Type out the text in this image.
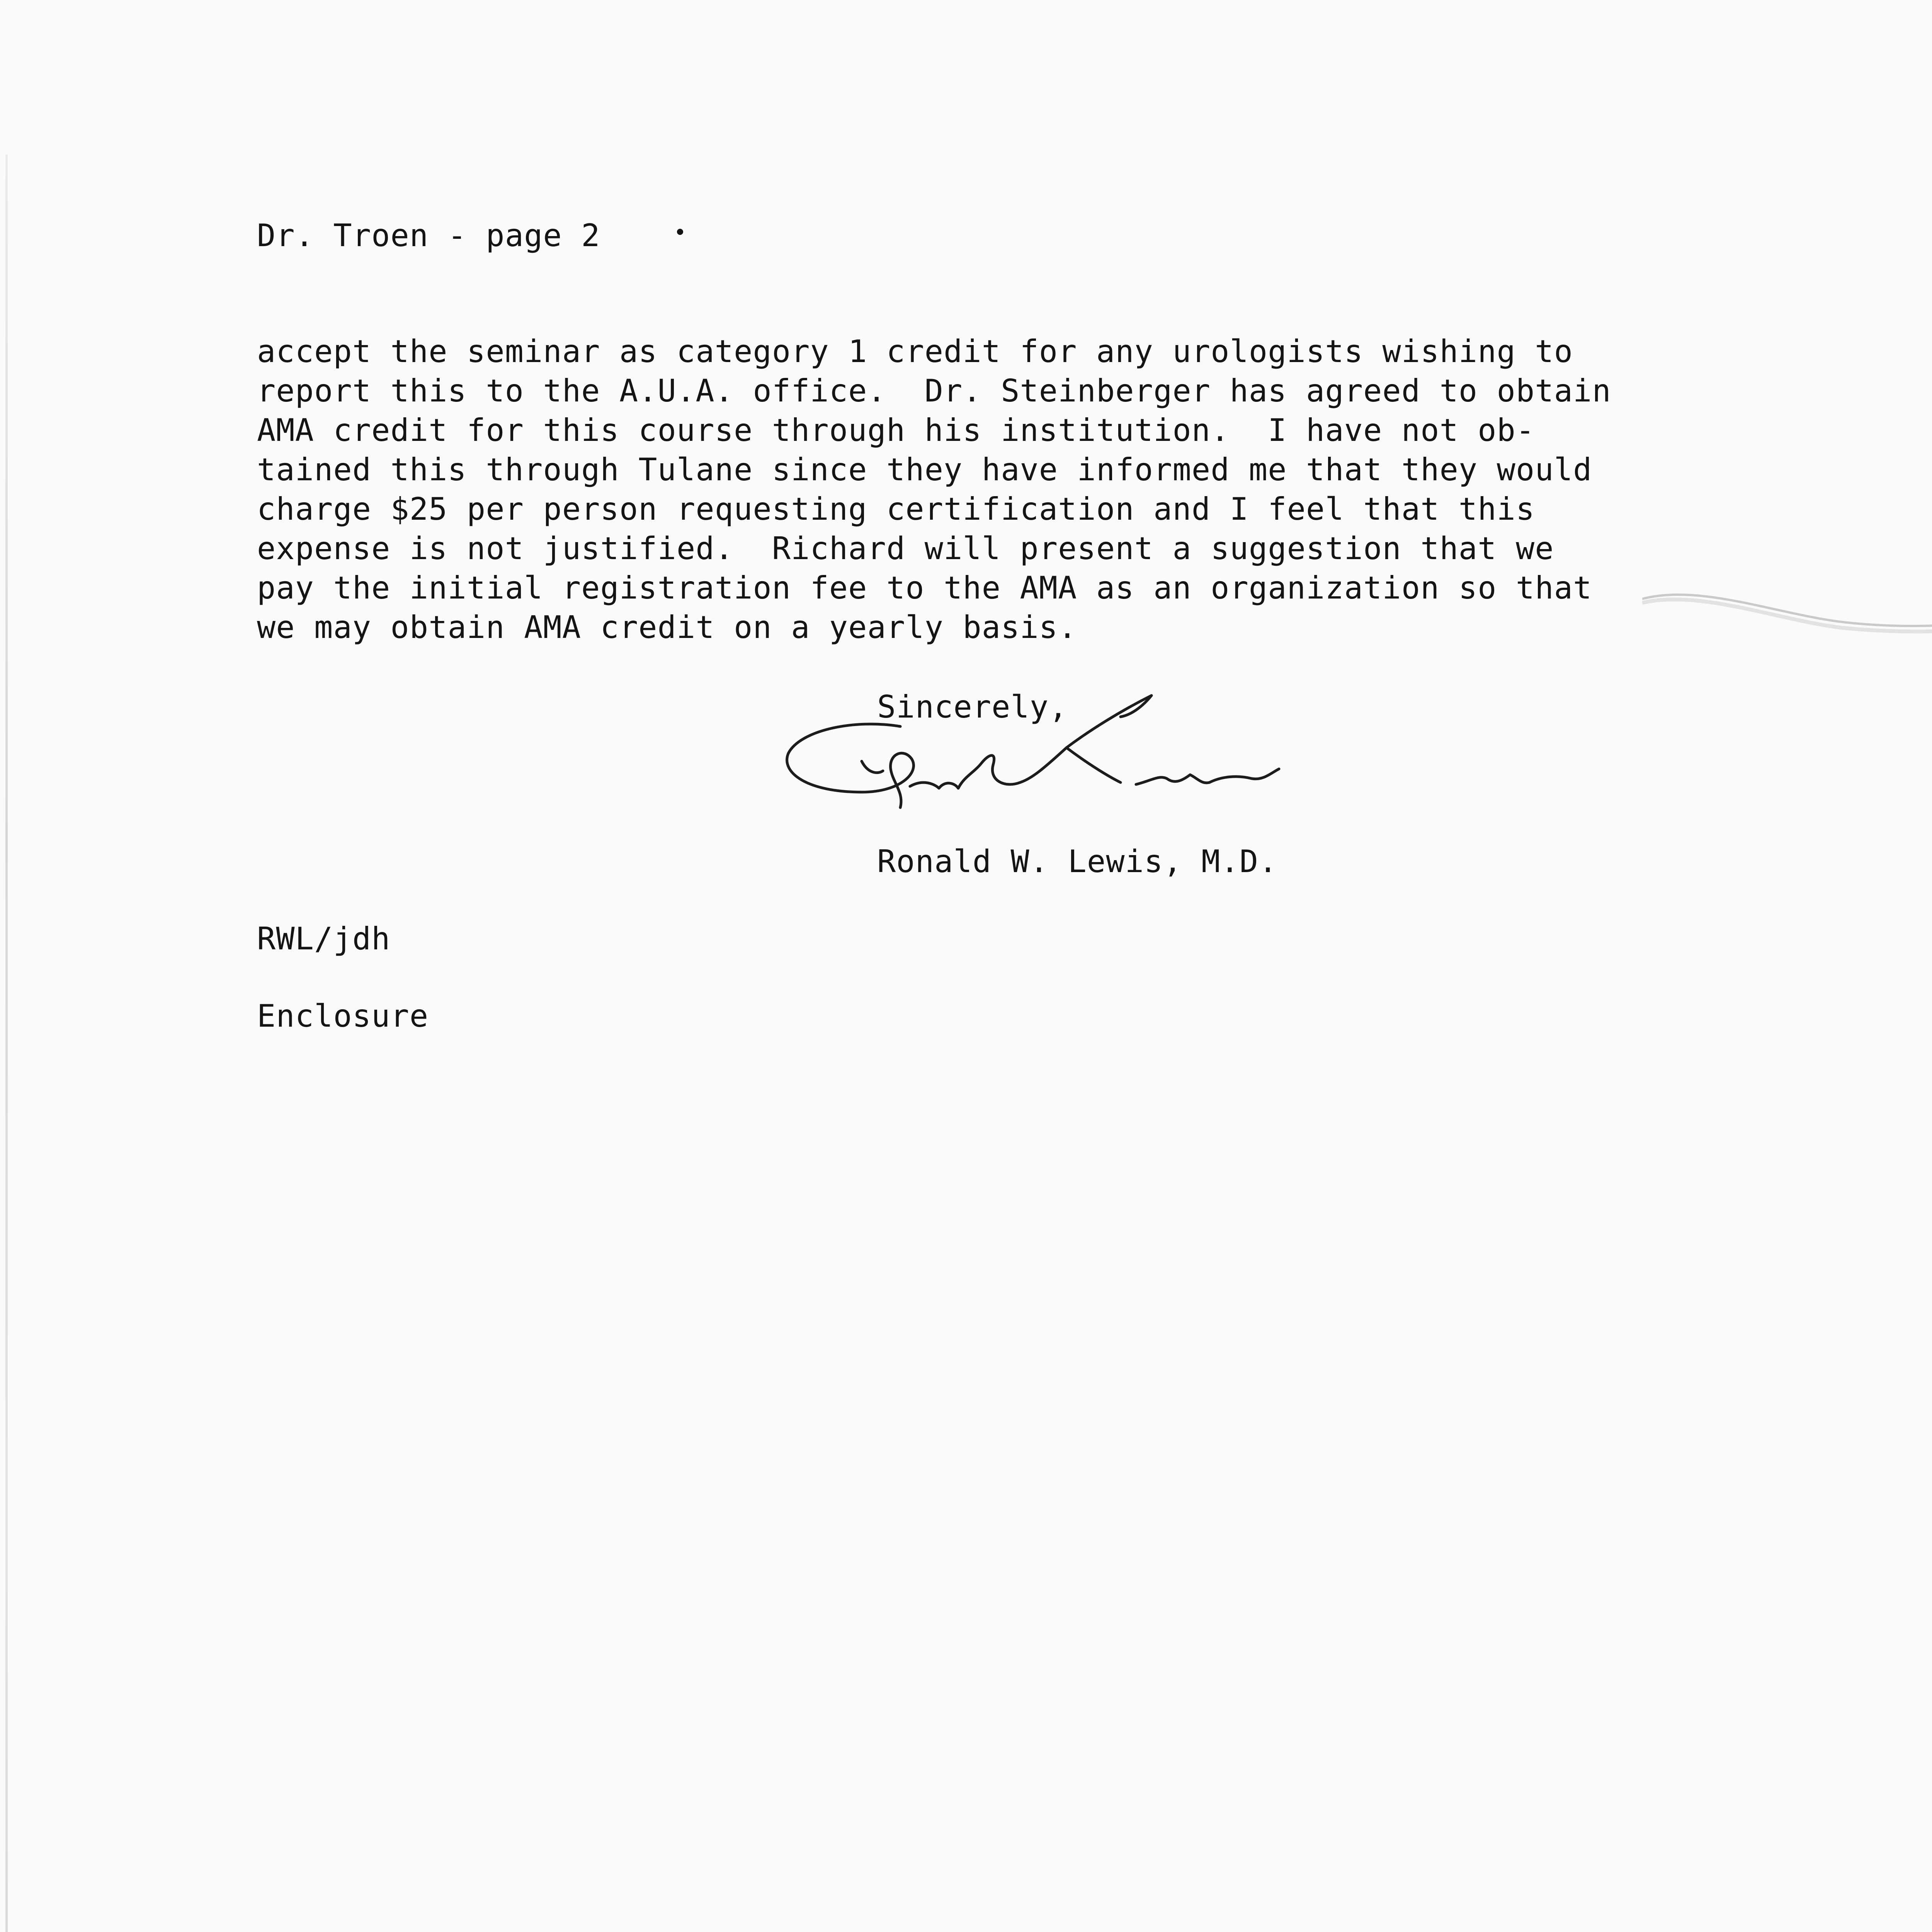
Dr. Troen - page 2
accept the seminar as category 1 credit for any urologists wishing to
report this to the A.U.A. office.  Dr. Steinberger has agreed to obtain
AMA credit for this course through his institution.  I have not ob-
tained this through Tulane since they have informed me that they would
charge $25 per person requesting certification and I feel that this
expense is not justified.  Richard will present a suggestion that we
pay the initial registration fee to the AMA as an organization so that
we may obtain AMA credit on a yearly basis.
Sincerely,
Ronald W. Lewis, M.D.
RWL/jdh
Enclosure
